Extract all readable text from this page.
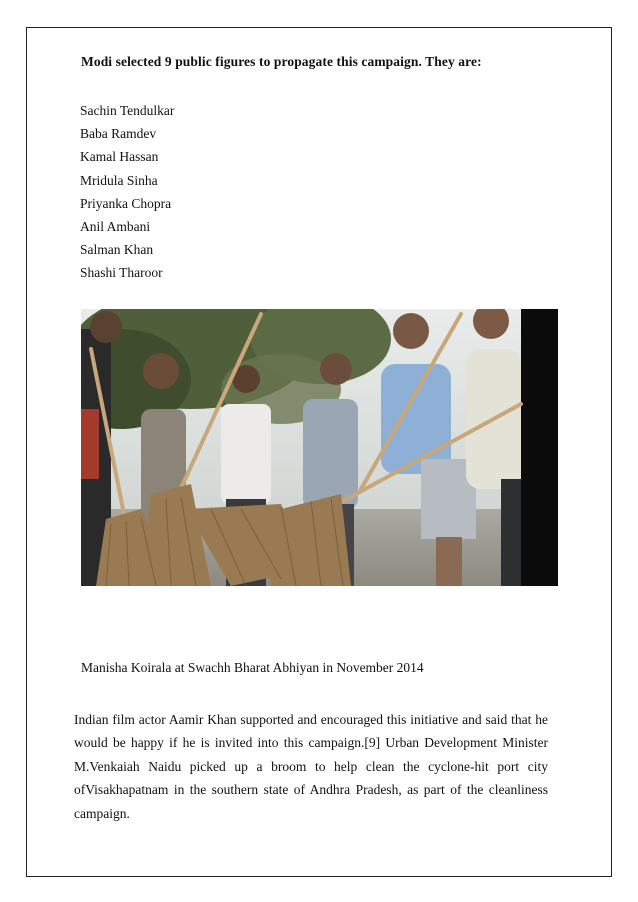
Modi selected 9 public figures to propagate this campaign. They are:
Sachin Tendulkar
Baba Ramdev
Kamal Hassan
Mridula Sinha
Priyanka Chopra
Anil Ambani
Salman Khan
Shashi Tharoor
Manisha Koirala at Swachh Bharat Abhiyan in November 2014
Indian film actor Aamir Khan supported and encouraged this initiative and said that he would be happy if he is invited into this campaign.[9] Urban Development Minister M.Venkaiah Naidu picked up a broom to help clean the cyclone-hit port city ofVisakhapatnam in the southern state of Andhra Pradesh, as part of the cleanliness campaign.
